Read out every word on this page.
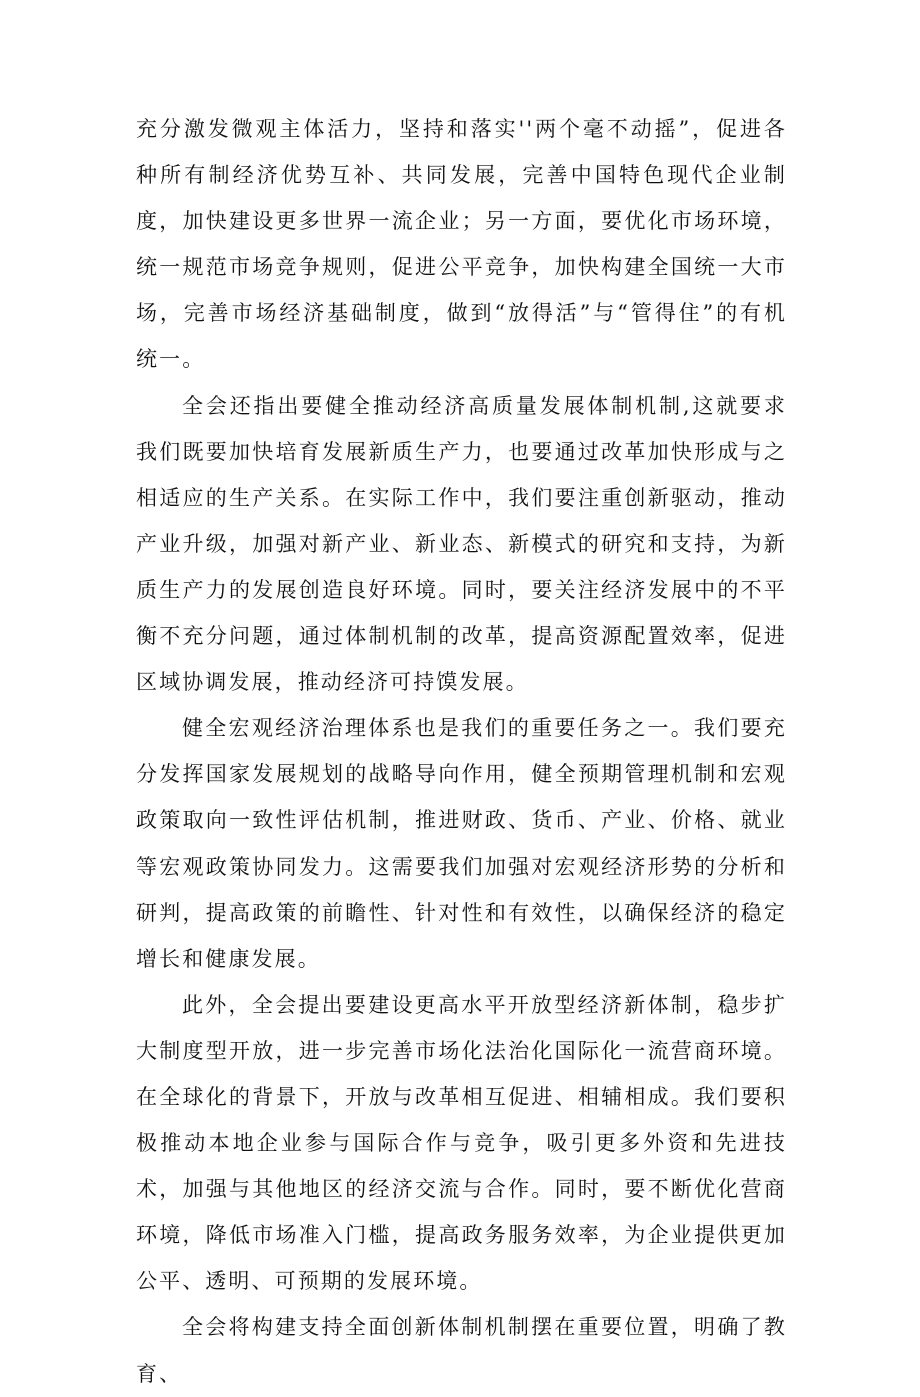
充分激发微观主体活力，坚持和落实''两个毫不动摇”，促进各种所有制经济优势互补、共同发展，完善中国特色现代企业制度，加快建设更多世界一流企业；另一方面，要优化市场环境，统一规范市场竞争规则，促进公平竞争，加快构建全国统一大市场，完善市场经济基础制度，做到“放得活”与“管得住”的有机统一。

全会还指出要健全推动经济高质量发展体制机制,这就要求我们既要加快培育发展新质生产力，也要通过改革加快形成与之相适应的生产关系。在实际工作中，我们要注重创新驱动，推动产业升级，加强对新产业、新业态、新模式的研究和支持，为新质生产力的发展创造良好环境。同时，要关注经济发展中的不平衡不充分问题，通过体制机制的改革，提高资源配置效率，促进区域协调发展，推动经济可持馍发展。

健全宏观经济治理体系也是我们的重要任务之一。我们要充分发挥国家发展规划的战略导向作用，健全预期管理机制和宏观政策取向一致性评估机制，推进财政、货币、产业、价格、就业等宏观政策协同发力。这需要我们加强对宏观经济形势的分析和研判，提高政策的前瞻性、针对性和有效性，以确保经济的稳定增长和健康发展。

此外，全会提出要建设更高水平开放型经济新体制，稳步扩大制度型开放，进一步完善市场化法治化国际化一流营商环境。在全球化的背景下，开放与改革相互促进、相辅相成。我们要积极推动本地企业参与国际合作与竞争，吸引更多外资和先进技术，加强与其他地区的经济交流与合作。同时，要不断优化营商环境，降低市场准入门槛，提高政务服务效率，为企业提供更加公平、透明、可预期的发展环境。

全会将构建支持全面创新体制机制摆在重要位置，明确了教育、
